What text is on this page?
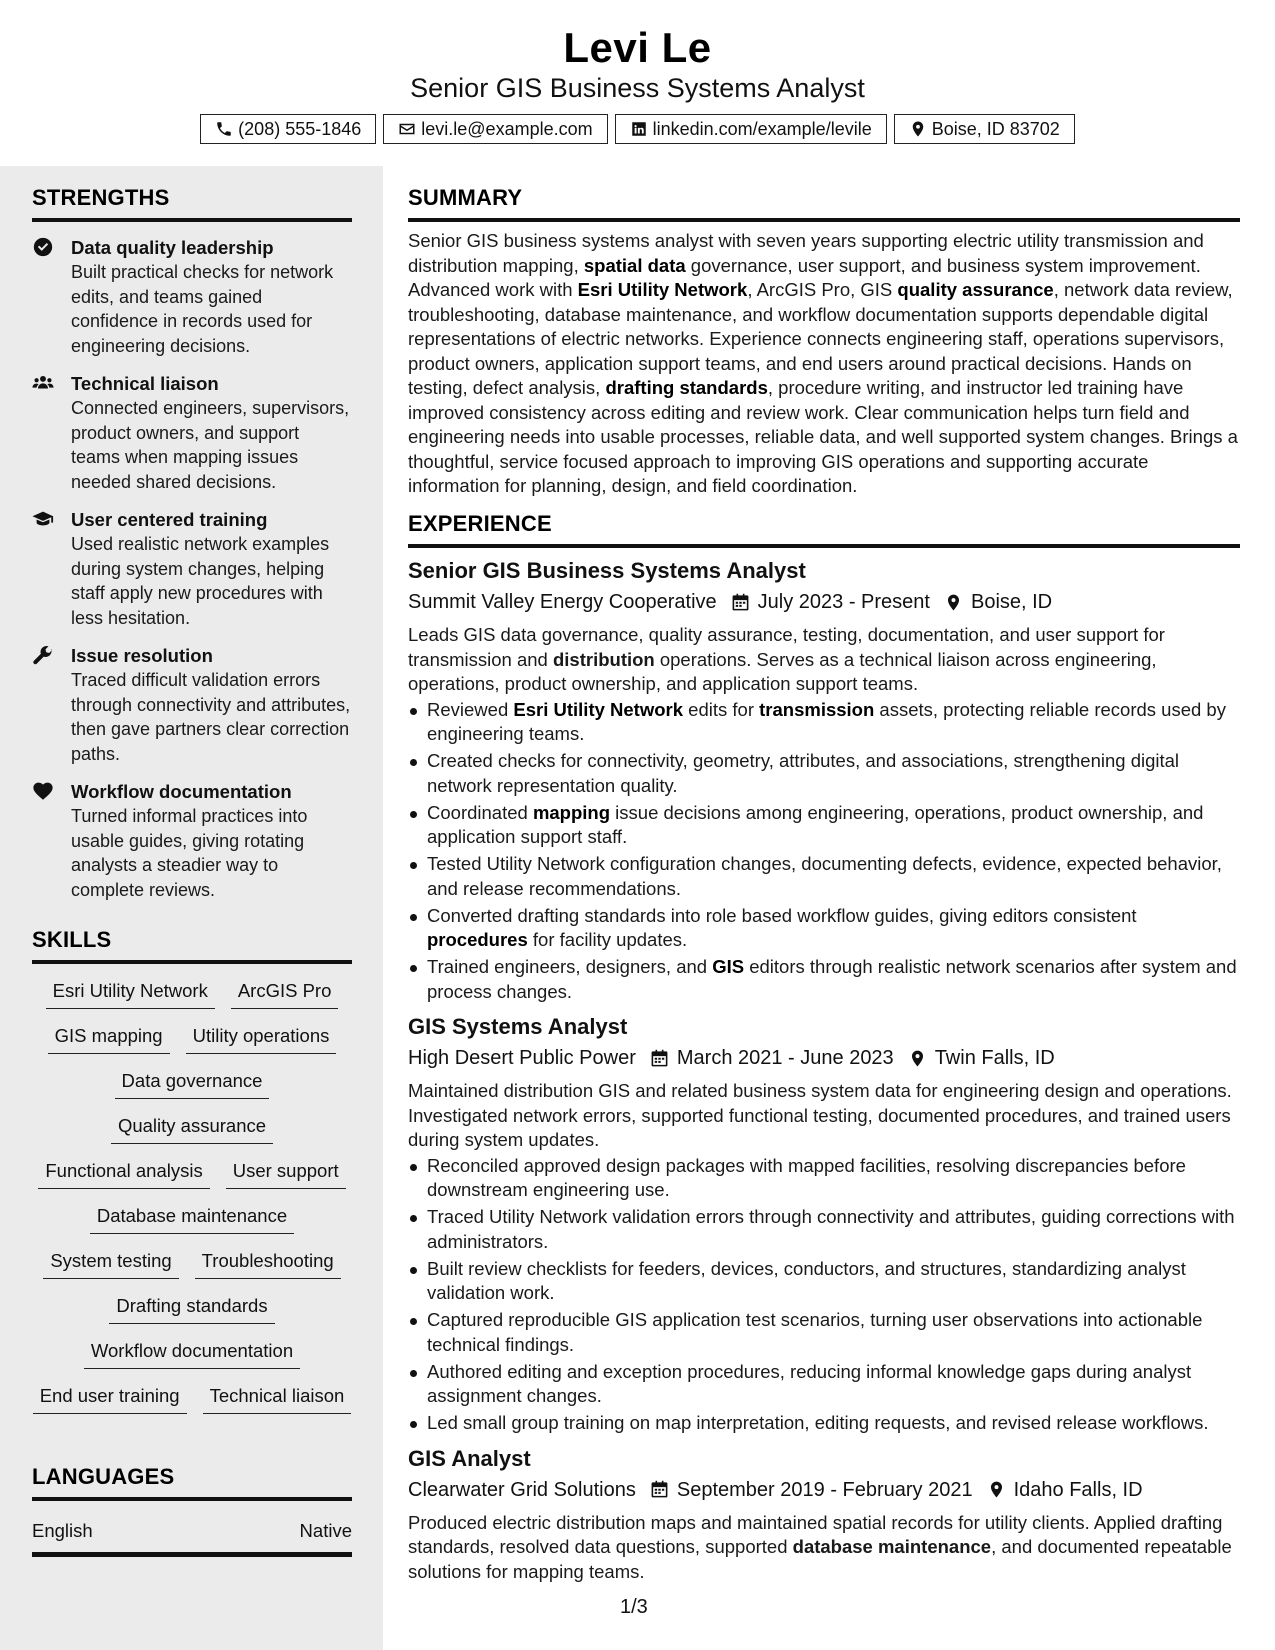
Levi Le
Senior GIS Business Systems Analyst
(208) 555-1846	levi.le@example.com	linkedin.com/example/levile	Boise, ID 83702
STRENGTHS
Data quality leadership
Built practical checks for network edits, and teams gained confidence in records used for engineering decisions.
Technical liaison
Connected engineers, supervisors, product owners, and support teams when mapping issues needed shared decisions.
User centered training
Used realistic network examples during system changes, helping staff apply new procedures with less hesitation.
Issue resolution
Traced difficult validation errors through connectivity and attributes, then gave partners clear correction paths.
Workflow documentation
Turned informal practices into usable guides, giving rotating analysts a steadier way to complete reviews.
SKILLS
Esri Utility Network	ArcGIS Pro
GIS mapping	Utility operations
Data governance
Quality assurance
Functional analysis	User support
Database maintenance
System testing	Troubleshooting
Drafting standards
Workflow documentation
End user training	Technical liaison
LANGUAGES
English	Native
SUMMARY
Senior GIS business systems analyst with seven years supporting electric utility transmission and distribution mapping, spatial data governance, user support, and business system improvement. Advanced work with Esri Utility Network, ArcGIS Pro, GIS quality assurance, network data review, troubleshooting, database maintenance, and workflow documentation supports dependable digital representations of electric networks. Experience connects engineering staff, operations supervisors, product owners, application support teams, and end users around practical decisions. Hands on testing, defect analysis, drafting standards, procedure writing, and instructor led training have improved consistency across editing and review work. Clear communication helps turn field and engineering needs into usable processes, reliable data, and well supported system changes. Brings a thoughtful, service focused approach to improving GIS operations and supporting accurate information for planning, design, and field coordination.
EXPERIENCE
Senior GIS Business Systems Analyst
Summit Valley Energy Cooperative July 2023 - Present Boise, ID
Leads GIS data governance, quality assurance, testing, documentation, and user support for transmission and distribution operations. Serves as a technical liaison across engineering, operations, product ownership, and application support teams.
Reviewed Esri Utility Network edits for transmission assets, protecting reliable records used by engineering teams.
Created checks for connectivity, geometry, attributes, and associations, strengthening digital network representation quality.
Coordinated mapping issue decisions among engineering, operations, product ownership, and application support staff.
Tested Utility Network configuration changes, documenting defects, evidence, expected behavior, and release recommendations.
Converted drafting standards into role based workflow guides, giving editors consistent procedures for facility updates.
Trained engineers, designers, and GIS editors through realistic network scenarios after system and process changes.
GIS Systems Analyst
High Desert Public Power March 2021 - June 2023 Twin Falls, ID
Maintained distribution GIS and related business system data for engineering design and operations. Investigated network errors, supported functional testing, documented procedures, and trained users during system updates.
Reconciled approved design packages with mapped facilities, resolving discrepancies before downstream engineering use.
Traced Utility Network validation errors through connectivity and attributes, guiding corrections with administrators.
Built review checklists for feeders, devices, conductors, and structures, standardizing analyst validation work.
Captured reproducible GIS application test scenarios, turning user observations into actionable technical findings.
Authored editing and exception procedures, reducing informal knowledge gaps during analyst assignment changes.
Led small group training on map interpretation, editing requests, and revised release workflows.
GIS Analyst
Clearwater Grid Solutions September 2019 - February 2021 Idaho Falls, ID
Produced electric distribution maps and maintained spatial records for utility clients. Applied drafting standards, resolved data questions, supported database maintenance, and documented repeatable solutions for mapping teams.
1/3
